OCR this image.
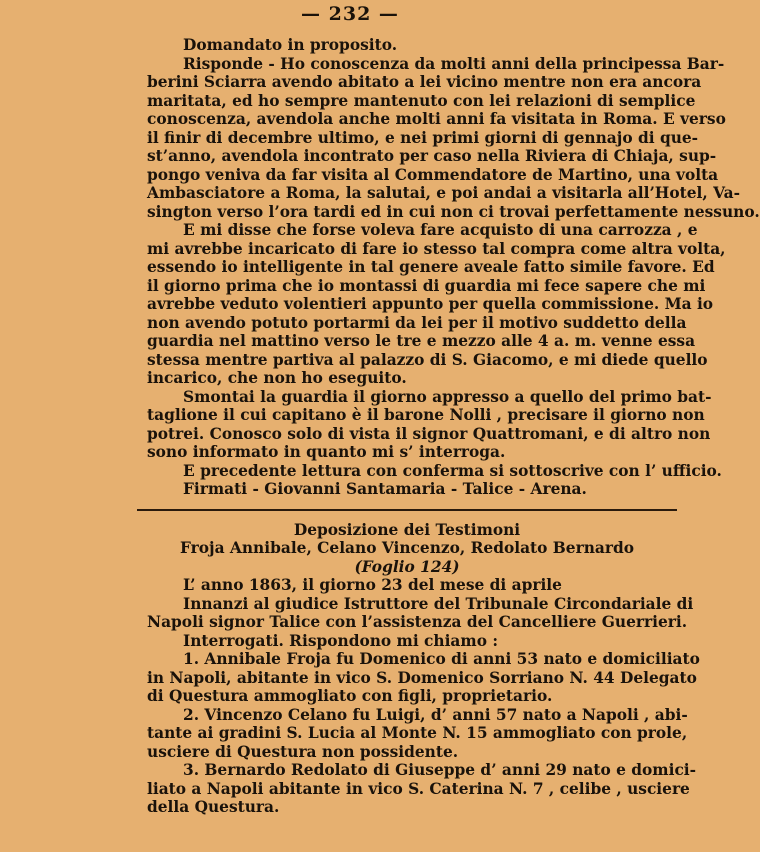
— 232 —
Domandato in proposito.
Risponde - Ho conoscenza da molti anni della principessa Bar-
berini Sciarra avendo abitato a lei vicino mentre non era ancora
maritata, ed ho sempre mantenuto con lei relazioni di semplice
conoscenza, avendola anche molti anni fa visitata in Roma. E verso
il finir di decembre ultimo, e nei primi giorni di gennajo di que-
st’anno, avendola incontrato per caso nella Riviera di Chiaja, sup-
pongo veniva da far visita al Commendatore de Martino, una volta
Ambasciatore a Roma, la salutai, e poi andai a visitarla all’Hotel, Va-
sington verso l’ora tardi ed in cui non ci trovai perfettamente nessuno.
E mi disse che forse voleva fare acquisto di una carrozza , e
mi avrebbe incaricato di fare io stesso tal compra come altra volta,
essendo io intelligente in tal genere aveale fatto simile favore. Ed
il giorno prima che io montassi di guardia mi fece sapere che mi
avrebbe veduto volentieri appunto per quella commissione. Ma io
non avendo potuto portarmi da lei per il motivo suddetto della
guardia nel mattino verso le tre e mezzo alle 4 a. m. venne essa
stessa mentre partiva al palazzo di S. Giacomo, e mi diede quello
incarico, che non ho eseguito.
Smontai la guardia il giorno appresso a quello del primo bat-
taglione il cui capitano è il barone Nolli , precisare il giorno non
potrei. Conosco solo di vista il signor Quattromani, e di altro non
sono informato in quanto mi s’ interroga.
E precedente lettura con conferma si sottoscrive con l’ ufficio.
Firmati - Giovanni Santamaria - Talice - Arena.
Deposizione dei Testimoni
Froja Annibale, Celano Vincenzo, Redolato Bernardo
(Foglio 124)
L’ anno 1863, il giorno 23 del mese di aprile
Innanzi al giudice Istruttore del Tribunale Circondariale di
Napoli signor Talice con l’assistenza del Cancelliere Guerrieri.
Interrogati. Rispondono mi chiamo :
1. Annibale Froja fu Domenico di anni 53 nato e domiciliato
in Napoli, abitante in vico S. Domenico Sorriano N. 44 Delegato
di Questura ammogliato con figli, proprietario.
2. Vincenzo Celano fu Luigi, d’ anni 57 nato a Napoli , abi-
tante ai gradini S. Lucia al Monte N. 15 ammogliato con prole,
usciere di Questura non possidente.
3. Bernardo Redolato di Giuseppe d’ anni 29 nato e domici-
liato a Napoli abitante in vico S. Caterina N. 7 , celibe , usciere
della Questura.
